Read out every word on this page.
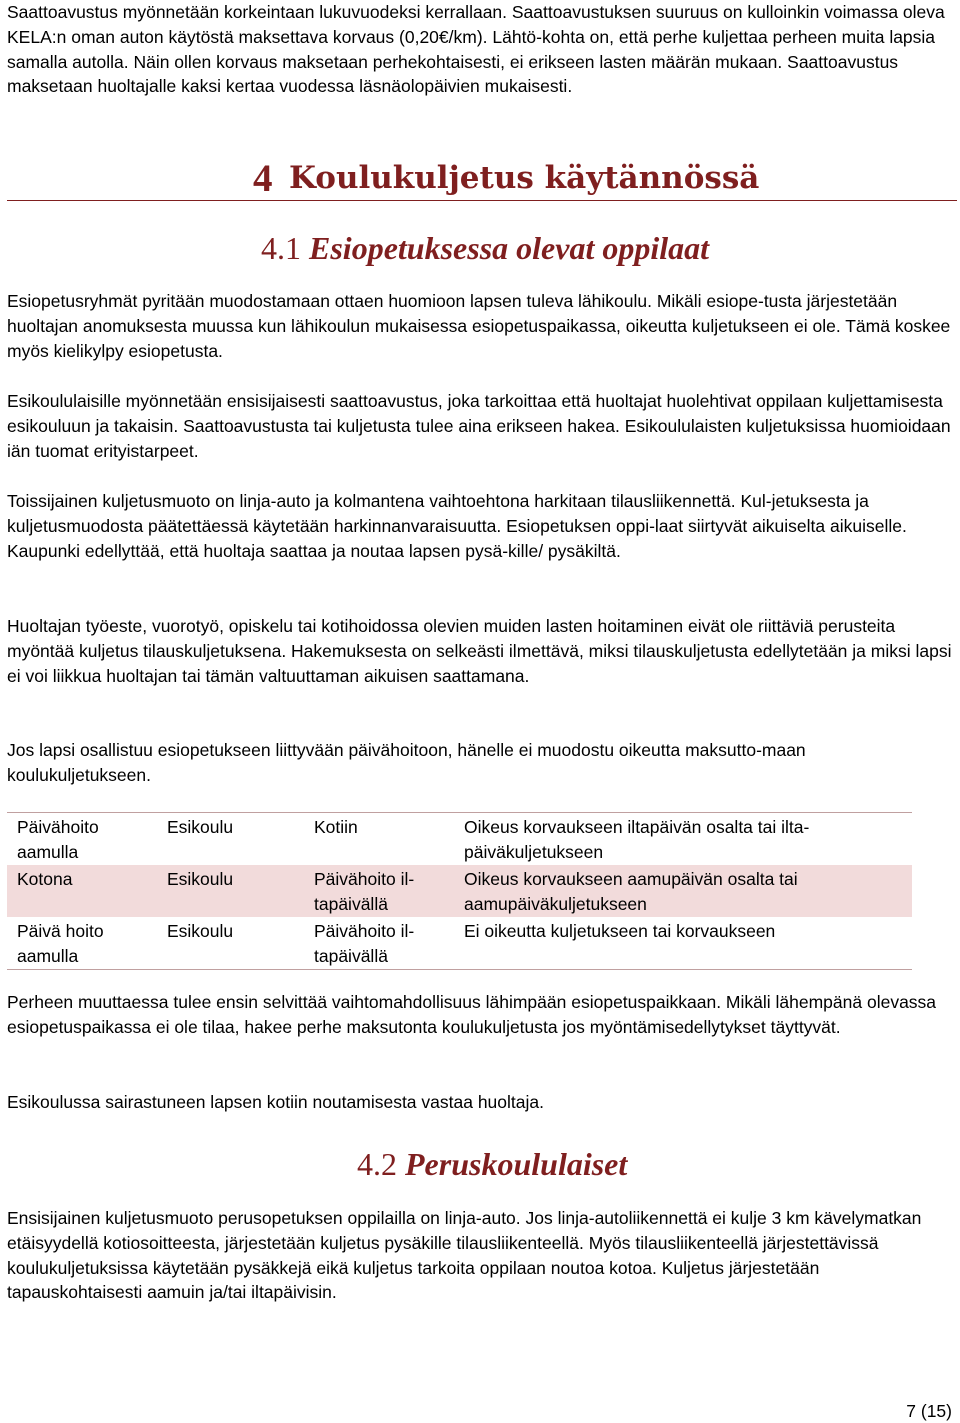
Saattoavustus myönnetään korkeintaan lukuvuodeksi kerrallaan. Saattoavustuksen suuruus on kulloinkin voimassa oleva KELA:n oman auton käytöstä maksettava korvaus (0,20€/km). Lähtö-kohta on, että perhe kuljettaa perheen muita lapsia samalla autolla. Näin ollen korvaus maksetaan perhekohtaisesti, ei erikseen lasten määrän mukaan. Saattoavustus maksetaan huoltajalle kaksi kertaa vuodessa läsnäolopäivien mukaisesti.

4 Koulukuljetus käytännössä
4.1 Esiopetuksessa olevat oppilaat

Esiopetusryhmät pyritään muodostamaan ottaen huomioon lapsen tuleva lähikoulu. Mikäli esiope-tusta järjestetään huoltajan anomuksesta muussa kun lähikoulun mukaisessa esiopetuspaikassa, oikeutta kuljetukseen ei ole. Tämä koskee myös kielikylpy esiopetusta.

Esikoululaisille myönnetään ensisijaisesti saattoavustus, joka tarkoittaa että huoltajat huolehtivat oppilaan kuljettamisesta esikouluun ja takaisin. Saattoavustusta tai kuljetusta tulee aina erikseen hakea. Esikoululaisten kuljetuksissa huomioidaan iän tuomat erityistarpeet.

Toissijainen kuljetusmuoto on linja-auto ja kolmantena vaihtoehtona harkitaan tilausliikennettä. Kul-jetuksesta ja kuljetusmuodosta päätettäessä käytetään harkinnanvaraisuutta. Esiopetuksen oppi-laat siirtyvät aikuiselta aikuiselle. Kaupunki edellyttää, että huoltaja saattaa ja noutaa lapsen pysä-kille/ pysäkiltä.

Huoltajan työeste, vuorotyö, opiskelu tai kotihoidossa olevien muiden lasten hoitaminen eivät ole riittäviä perusteita myöntää kuljetus tilauskuljetuksena. Hakemuksesta on selkeästi ilmettävä, miksi tilauskuljetusta edellytetään ja miksi lapsi ei voi liikkua huoltajan tai tämän valtuuttaman aikuisen saattamana.

Jos lapsi osallistuu esiopetukseen liittyvään päivähoitoon, hänelle ei muodostu oikeutta maksutto-maan koulukuljetukseen.

Päivähoito aamulla	Esikoulu	Kotiin	Oikeus korvaukseen iltapäivän osalta tai ilta-päiväkuljetukseen
Kotona	Esikoulu	Päivähoito il-tapäivällä	Oikeus korvaukseen aamupäivän osalta tai aamupäiväkuljetukseen
Päivä hoito aamulla	Esikoulu	Päivähoito il-tapäivällä	Ei oikeutta kuljetukseen tai korvaukseen

Perheen muuttaessa tulee ensin selvittää vaihtomahdollisuus lähimpään esiopetuspaikkaan. Mikäli lähempänä olevassa esiopetuspaikassa ei ole tilaa, hakee perhe maksutonta koulukuljetusta jos myöntämisedellytykset täyttyvät.

Esikoulussa sairastuneen lapsen kotiin noutamisesta vastaa huoltaja.

4.2 Peruskoululaiset

Ensisijainen kuljetusmuoto perusopetuksen oppilailla on linja-auto. Jos linja-autoliikennettä ei kulje 3 km kävelymatkan etäisyydellä kotiosoitteesta, järjestetään kuljetus pysäkille tilausliikenteellä. Myös tilausliikenteellä järjestettävissä koulukuljetuksissa käytetään pysäkkejä eikä kuljetus tarkoita oppilaan noutoa kotoa. Kuljetus järjestetään tapauskohtaisesti aamuin ja/tai iltapäivisin.

7 (15)
